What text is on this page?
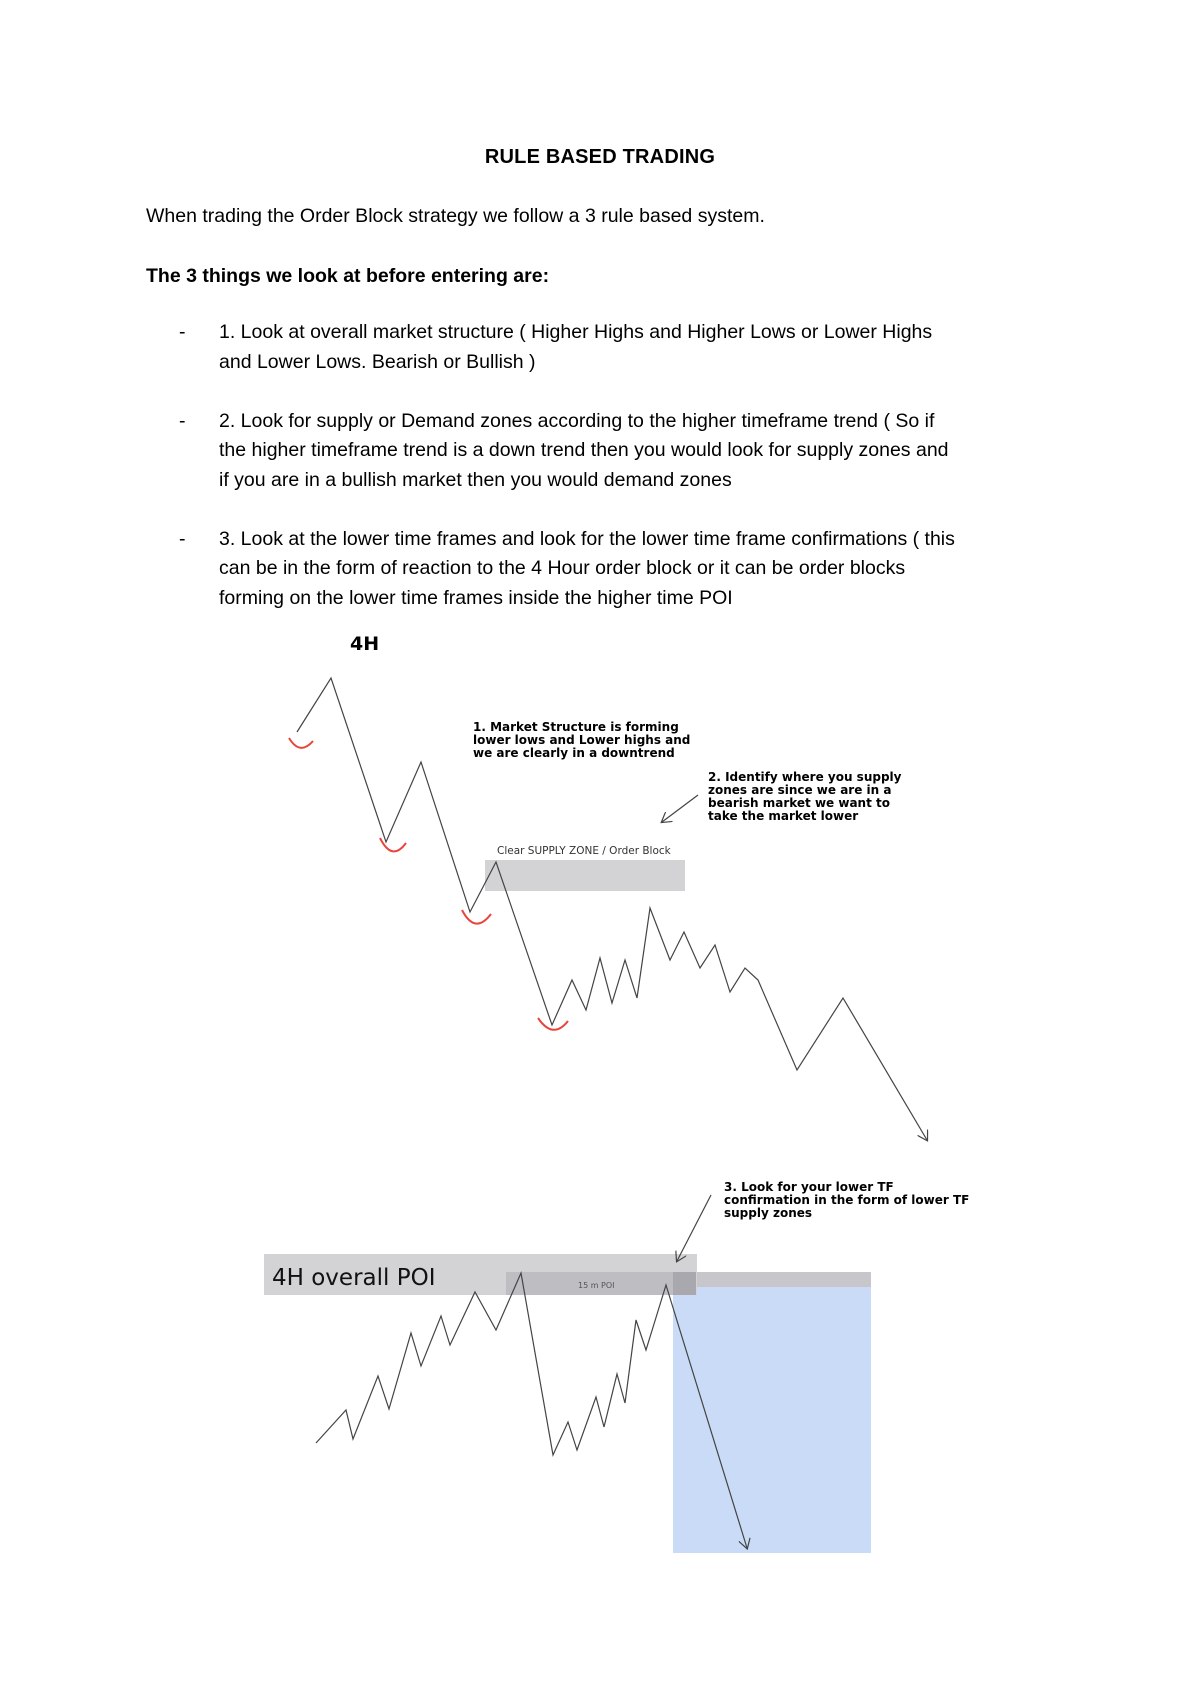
RULE BASED TRADING
When trading the Order Block strategy we follow a 3 rule based system.
The 3 things we look at before entering are:
- 1. Look at overall market structure ( Higher Highs and Higher Lows or Lower Highs
and Lower Lows. Bearish or Bullish )
- 2. Look for supply or Demand zones according to the higher timeframe trend ( So if
the higher timeframe trend is a down trend then you would look for supply zones and
if you are in a bullish market then you would demand zones
- 3. Look at the lower time frames and look for the lower time frame confirmations ( this
can be in the form of reaction to the 4 Hour order block or it can be order blocks
forming on the lower time frames inside the higher time POI
4H
Clear SUPPLY ZONE / Order Block
1. Market Structure is forming
lower lows and Lower highs and
we are clearly in a downtrend
2. Identify where you supply
zones are since we are in a
bearish market we want to
take the market lower
4H overall POI	15 m POI
3. Look for your lower TF
confirmation in the form of lower TF
supply zones
